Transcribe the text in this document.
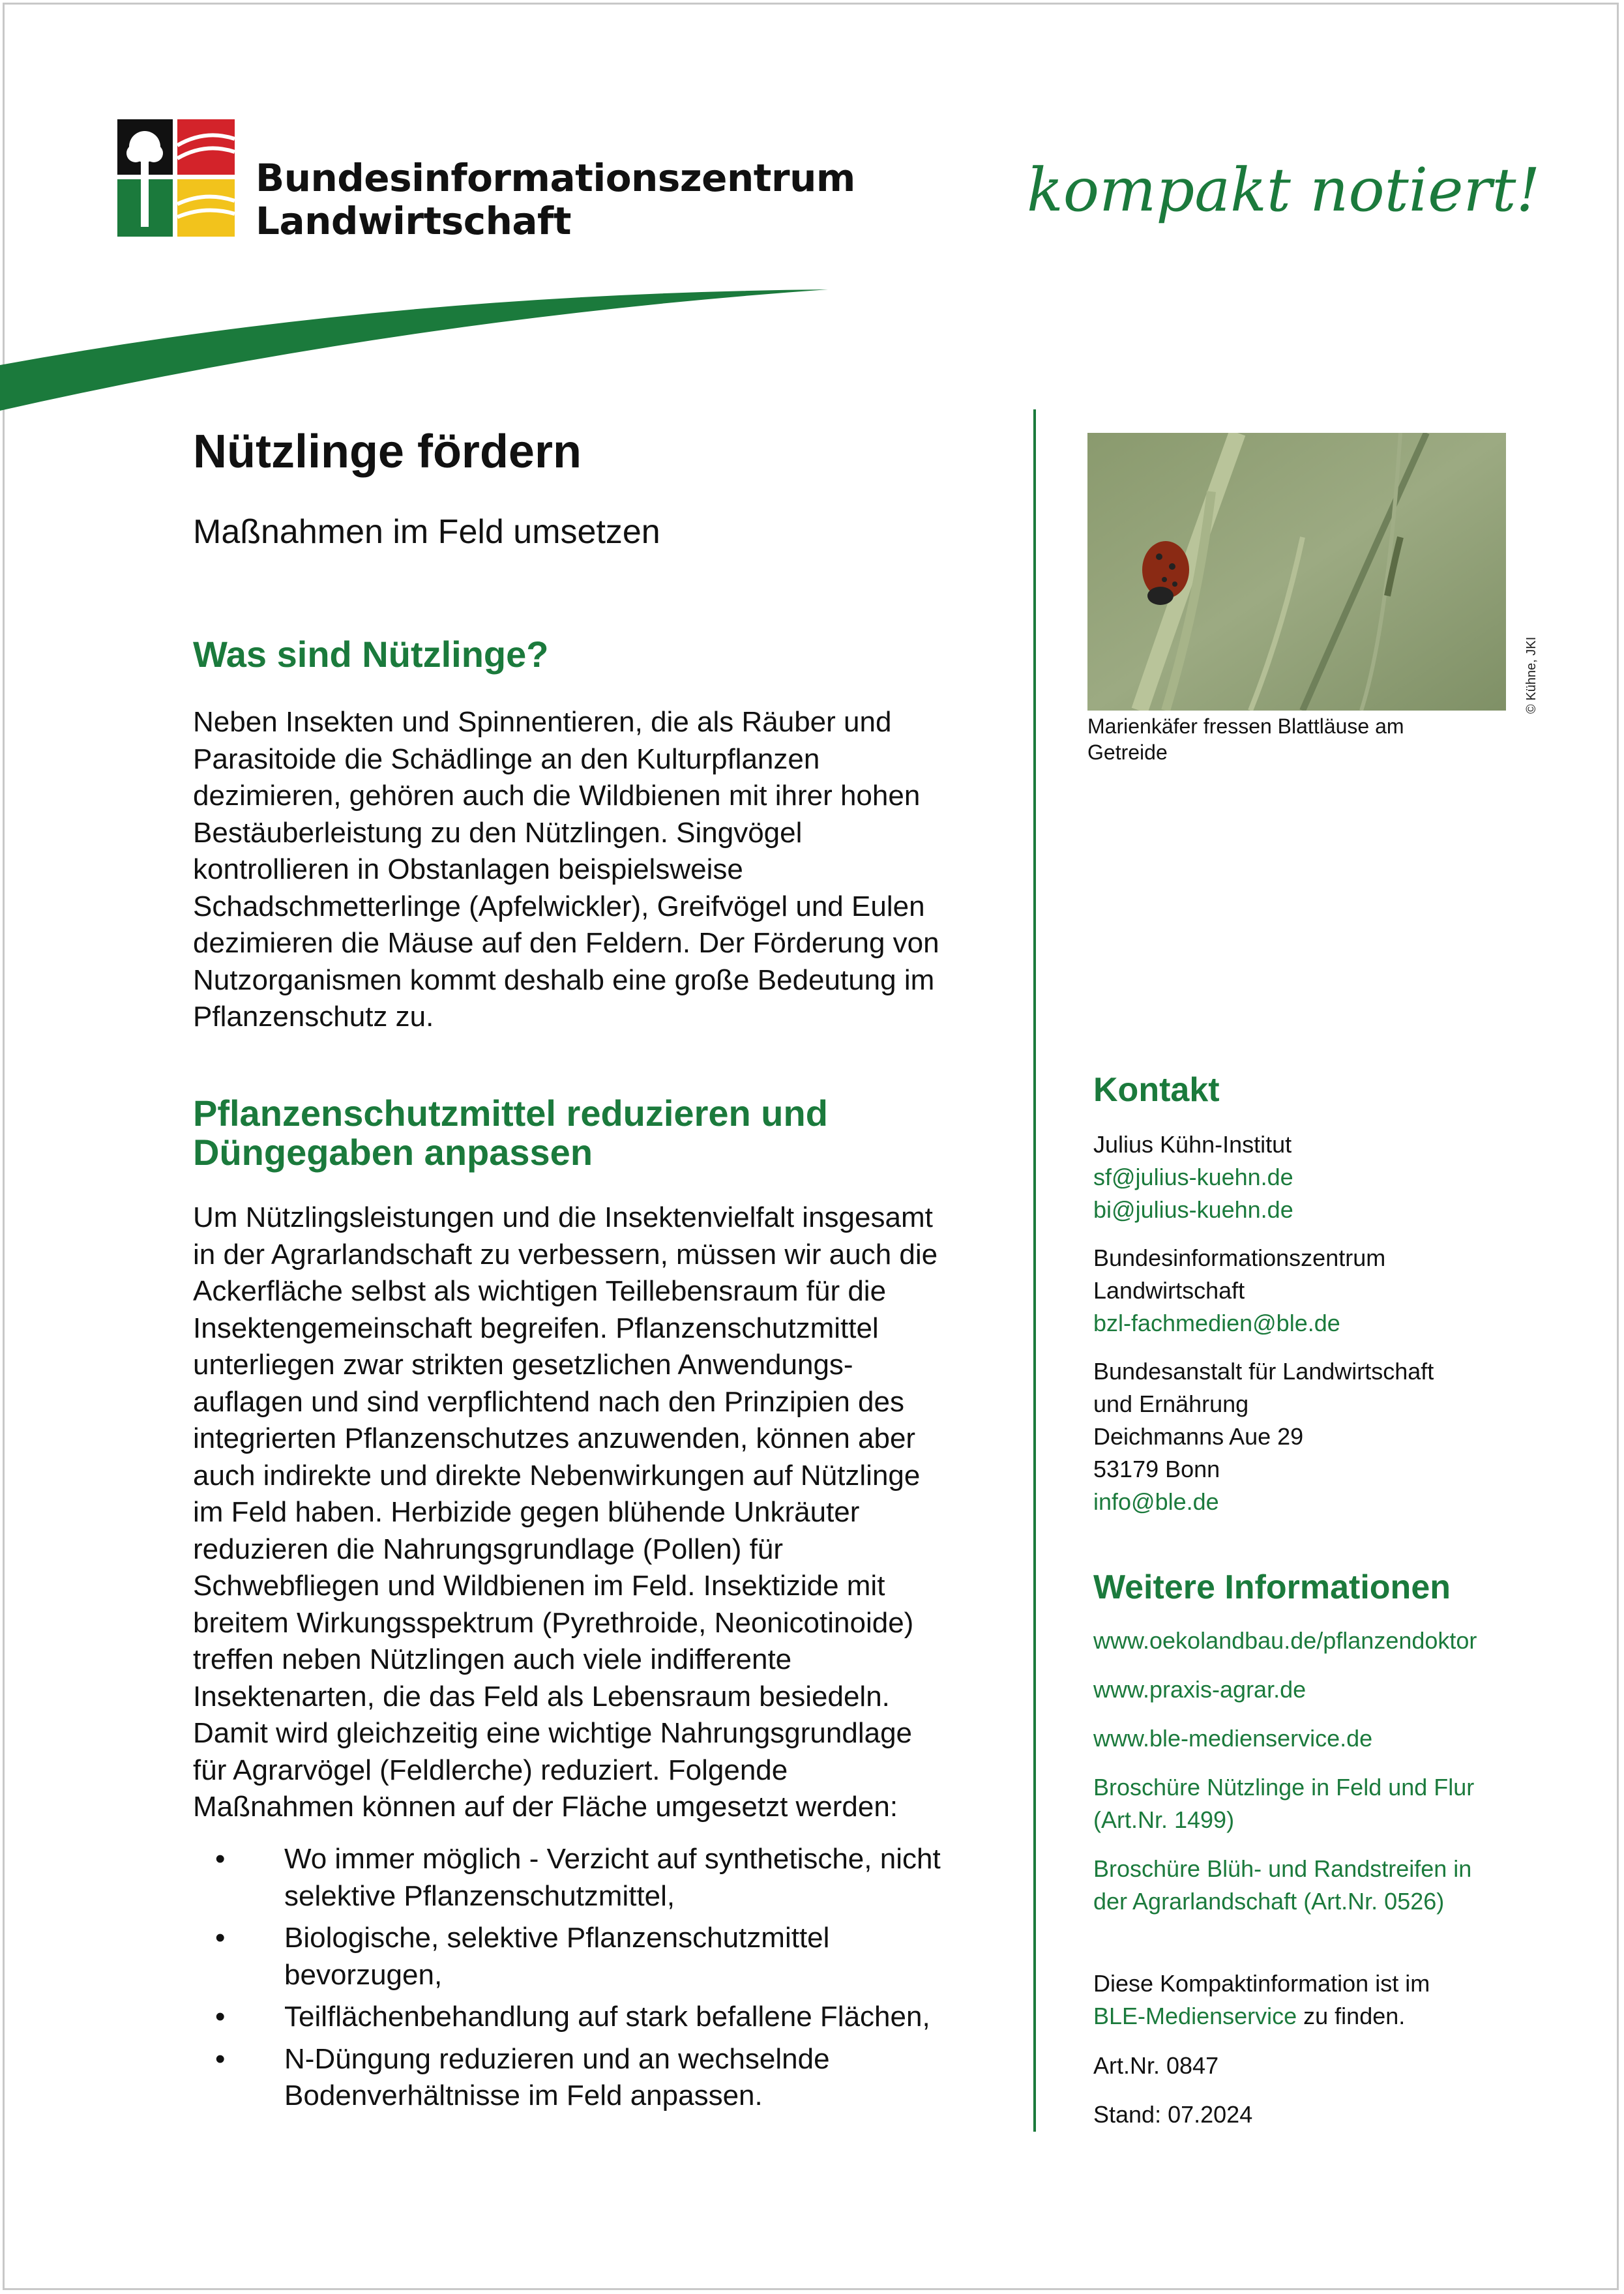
Bundesinformationszentrum
Landwirtschaft	kompakt notiert!
Nützlinge fördern
Maßnahmen im Feld umsetzen
Was sind Nützlinge?
Neben Insekten und Spinnentieren, die als Räuber und
Parasitoide die Schädlinge an den Kulturpflanzen
dezimieren, gehören auch die Wildbienen mit ihrer hohen
Bestäuberleistung zu den Nützlingen. Singvögel
kontrollieren in Obstanlagen beispielsweise
Schadschmetterlinge (Apfelwickler), Greifvögel und Eulen
dezimieren die Mäuse auf den Feldern. Der Förderung von
Nutzorganismen kommt deshalb eine große Bedeutung im
Pflanzenschutz zu.
Pflanzenschutzmittel reduzieren und
Düngegaben anpassen
Um Nützlingsleistungen und die Insektenvielfalt insgesamt
in der Agrarlandschaft zu verbessern, müssen wir auch die
Ackerfläche selbst als wichtigen Teillebensraum für die
Insektengemeinschaft begreifen. Pflanzenschutzmittel
unterliegen zwar strikten gesetzlichen Anwendungs-
auflagen und sind verpflichtend nach den Prinzipien des
integrierten Pflanzenschutzes anzuwenden, können aber
auch indirekte und direkte Nebenwirkungen auf Nützlinge
im Feld haben. Herbizide gegen blühende Unkräuter
reduzieren die Nahrungsgrundlage (Pollen) für
Schwebfliegen und Wildbienen im Feld. Insektizide mit
breitem Wirkungsspektrum (Pyrethroide, Neonicotinoide)
treffen neben Nützlingen auch viele indifferente
Insektenarten, die das Feld als Lebensraum besiedeln.
Damit wird gleichzeitig eine wichtige Nahrungsgrundlage
für Agrarvögel (Feldlerche) reduziert. Folgende
Maßnahmen können auf der Fläche umgesetzt werden:
•	Wo immer möglich - Verzicht auf synthetische, nicht
selektive Pflanzenschutzmittel,
•	Biologische, selektive Pflanzenschutzmittel
bevorzugen,
•	Teilflächenbehandlung auf stark befallene Flächen,
•	N-Düngung reduzieren und an wechselnde
Bodenverhältnisse im Feld anpassen.
© Kühne, JKI
Marienkäfer fressen Blattläuse am
Getreide
Kontakt
Julius Kühn-Institut
sf@julius-kuehn.de
bi@julius-kuehn.de
Bundesinformationszentrum
Landwirtschaft
bzl-fachmedien@ble.de
Bundesanstalt für Landwirtschaft
und Ernährung
Deichmanns Aue 29
53179 Bonn
info@ble.de
Weitere Informationen
www.oekolandbau.de/pflanzendoktor
www.praxis-agrar.de
www.ble-medienservice.de
Broschüre Nützlinge in Feld und Flur
(Art.Nr. 1499)
Broschüre Blüh- und Randstreifen in
der Agrarlandschaft (Art.Nr. 0526)
Diese Kompaktinformation ist im
BLE-Medienservice zu finden.
Art.Nr. 0847
Stand: 07.2024
